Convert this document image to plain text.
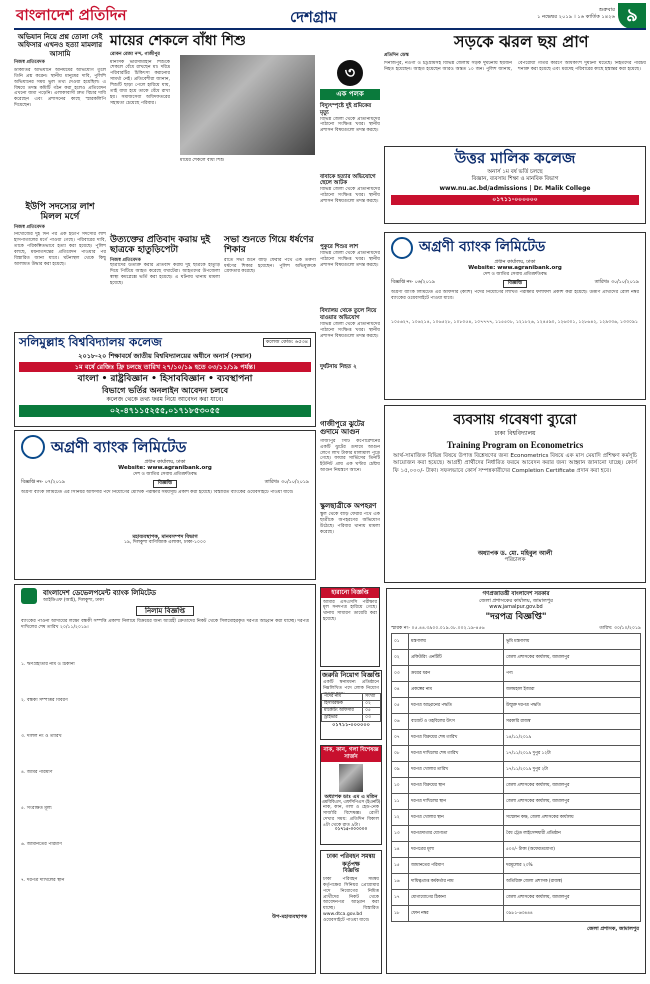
বাংলাদেশ প্রতিদিন	দেশগ্রাম	শুক্রবার
১ নভেম্বর ২০১৯ । ১৬ কার্তিক ১৪২৬ ৯
অভিযান নিয়ে প্রশ্ন তোলা সেই অফিসার এখনও হত্যা মামলার আসামি
নিজস্ব প্রতিবেদক
ডাকাতির অভিযানে অনিয়মের অভিযোগ তুলে তিনি প্রশ্ন করেন। স্থানীয় মানুষের দাবি, পুলিশি অভিযানের সময় ভুল তথ্য দেওয়া হয়েছিল। এ বিষয়ে তদন্ত কমিটি গঠন করা হলেও প্রতিবেদন এখনো জমা পড়েনি। এলাকাবাসী দ্রুত বিচার দাবি করেছেন এবং প্রশাসনের কাছে স্মারকলিপি দিয়েছেন।
ইউপি সদস্যের লাশ মিলল মর্গে
নিজস্ব প্রতিবেদক
নিখোঁজের দুই দিন পর এক ইউপি সদস্যের লাশ হাসপাতালের মর্গে পাওয়া গেছে। পরিবারের দাবি, তাকে পরিকল্পিতভাবে হত্যা করা হয়েছে। পুলিশ বলছে, ময়নাতদন্তের প্রতিবেদন পাওয়ার পর বিস্তারিত জানা যাবে। ঘটনাস্থল থেকে কিছু আলামত উদ্ধার করা হয়েছে।
মায়ের শেকলে বাঁধা শিশু
রোকন রেজা নন্দ, গাজীপুর
মানসিক ভারসাম্যহীন শিশুকে শেকলে বেঁধে রাখছেন মা। দরিদ্র পরিবারটির চিকিৎসা করানোর সামর্থ্য নেই। প্রতিবেশীরা জানান, শিশুটি ছাড়া পেলে হারিয়ে যায়, তাই বাধ্য হয়ে তাকে বেঁধে রাখা হয়। সমাজসেবা অধিদফতরের সহায়তা চেয়েছে পরিবার।
মায়ের শেকলে বাঁধা শিশু
৩
এক পলক
বিদ্যুৎস্পৃষ্টে দুই শ্রমিকের মৃত্যু
বিভিন্ন জেলা থেকে প্রতিনিধিদের পাঠানো সংক্ষিপ্ত খবর। স্থানীয় প্রশাসন বিষয়গুলো তদন্ত করছে।
বাবাকে হত্যার অভিযোগে ছেলে আটক
বিভিন্ন জেলা থেকে প্রতিনিধিদের পাঠানো সংক্ষিপ্ত খবর। স্থানীয় প্রশাসন বিষয়গুলো তদন্ত করছে।
পুকুরে শিশুর লাশ
বিভিন্ন জেলা থেকে প্রতিনিধিদের পাঠানো সংক্ষিপ্ত খবর। স্থানীয় প্রশাসন বিষয়গুলো তদন্ত করছে।
বিদ্যালয় থেকে তুলে নিয়ে যাওয়ার অভিযোগ
বিভিন্ন জেলা থেকে প্রতিনিধিদের পাঠানো সংক্ষিপ্ত খবর। স্থানীয় প্রশাসন বিষয়গুলো তদন্ত করছে।
দুর্ঘটনায় নিহত ২
সড়কে ঝরল ছয় প্রাণ
প্রতিদিন ডেস্ক
দিনাজপুর, নওগাঁ ও চট্টগ্রামসহ বিভিন্ন জেলায় সড়ক দুর্ঘটনায় ছয়জন নিহত হয়েছেন। আহত হয়েছেন আরও অন্তত ১০ জন। পুলিশ জানায়, বেপরোয়া গতির কারণে অধিকাংশ দুর্ঘটনা ঘটেছে। নিহতদের পরিচয় শনাক্ত করা হয়েছে এবং মরদেহ পরিবারের কাছে হস্তান্তর করা হয়েছে।
উত্তর মালিক কলেজ
অনার্স ১ম বর্ষ ভর্তি চলছে
বিজ্ঞান, ব্যবসায় শিক্ষা ও মানবিক বিভাগ
www.nu.ac.bd/admissions | Dr. Malik College
০১৭১১-০০০০০০
অগ্রণী ব্যাংক লিমিটেড
প্রধান কার্যালয়, ঢাকা
Website: www.agranibank.org
দেশ ও জাতির সেবায় প্রতিশ্রুতিবদ্ধ
বিজ্ঞপ্তি নং- ০৬/২০১৯	বিজ্ঞপ্তি	তারিখঃ ৩০/১০/২০১৯
অগ্রণী ব্যাংক লিমিটেড এর অফিসার (ক্যাশ) পদের নিয়োগের লিখিত পরীক্ষার ফলাফল প্রকাশ করা হয়েছে। উত্তীর্ণ প্রার্থীদের রোল নম্বর ব্যাংকের ওয়েবসাইটে পাওয়া যাবে।
১০৫৬২৭, ১০৬২১৪, ১০৬৫২৮, ১০৮০৫৪, ১০৭৭৭৭, ১১৫৫০৮, ১২১৮২৬, ১২৪৫৯০, ১২৬৩০১, ১২৮৬৪২, ১২৯৩৩৬, ১৩৩০৯১
উত্যক্তের প্রতিবাদ করায় দুই ছাত্রকে হাতুড়িপেটা
নিজস্ব প্রতিবেদক
ছাত্রীদের উত্যক্ত করার প্রতিবাদ করায় দুই ছাত্রকে হাতুড়ি দিয়ে পিটিয়ে আহত করেছে বখাটেরা। আহতদের উপজেলা স্বাস্থ্য কমপ্লেক্সে ভর্তি করা হয়েছে। এ ঘটনায় থানায় মামলা হয়েছে।
সভা শুনতে গিয়ে ধর্ষণের শিকার
রাতে সভা শুনে বাড়ি ফেরার পথে এক তরুণী ধর্ষণের শিকার হয়েছেন। পুলিশ অভিযুক্তকে গ্রেফতার করেছে।
সলিমুল্লাহ বিশ্ববিদ্যালয় কলেজ	কলেজ কোড: ৬৫৩৪
২০১৮-২০ শিক্ষাবর্ষে জাতীয় বিশ্ববিদ্যালয়ের অধীনে অনার্স (সম্মান)
১ম বর্ষে রেজিঃ ফ্রি চলছে তারিখ ২৭/১০/১৯ হতে ০৩/১১/১৯ পর্যন্ত।
বাংলা • রাষ্ট্রবিজ্ঞান • হিসাববিজ্ঞান • ব্যবস্থাপনা
বিভাগে ভর্তির অনলাইন আবেদন চলবে
কলেজ থেকে তথ্য ফরম নিয়ে আবেদন করা যাবে।
০২-৪৭১১৫২৫৫,০১৭১৮৫৩০৫৫
অগ্রণী ব্যাংক লিমিটেড
প্রধান কার্যালয়, ঢাকা
Website: www.agranibank.org
দেশ ও জাতির সেবায় প্রতিশ্রুতিবদ্ধ
বিজ্ঞপ্তি নং- ০৭/২০১৯	বিজ্ঞপ্তি	তারিখঃ ৩০/১০/২০১৯
অগ্রণী ব্যাংক লিমিটেড এর সিনিয়র অফিসার পদে নিয়োগের মৌখিক পরীক্ষার সময়সূচি প্রকাশ করা হয়েছে। বিস্তারিত ব্যাংকের ওয়েবসাইটে পাওয়া যাবে।
মহাব্যবস্থাপক, মানবসম্পদ বিভাগ
১৯, দিলকুশা বাণিজ্যিক এলাকা, ঢাকা-১০০০
গাজীপুরে ঝুটের গুদামে আগুন
গাজীপুর সিটি কর্পোরেশনের একটি ঝুটের গুদামে আগুন লেগে লাখ টাকার মালামাল পুড়ে গেছে। ফায়ার সার্ভিসের তিনটি ইউনিট প্রায় এক ঘণ্টার চেষ্টায় আগুন নিয়ন্ত্রণে আনে।
স্কুলছাত্রীকে অপহরণ
স্কুল থেকে বাড়ি ফেরার পথে এক ছাত্রীকে অপহরণের অভিযোগ উঠেছে। পরিবার থানায় মামলা করেছে।
ব্যবসায় গবেষণা ব্যুরো
ঢাকা বিশ্ববিদ্যালয়
Training Program on Econometrics
আর্থ-সামাজিক বিভিন্ন বিষয়ে উপাত্ত বিশ্লেষণের জন্য Econometrics বিষয়ে এক মাস মেয়াদি প্রশিক্ষণ কর্মসূচি আয়োজন করা হয়েছে। আগ্রহী প্রার্থীদের নির্ধারিত ফরমে আবেদন করার জন্য আহ্বান জানানো যাচ্ছে। কোর্স ফি ১৫,০০০/- টাকা। সফলভাবে কোর্স সম্পন্নকারীদের Completion Certificate প্রদান করা হবে।
অধ্যাপক ড. মো. মহিবুল আলী
পরিচালক
বাংলাদেশ ডেভেলপমেন্ট ব্যাংক লিমিটেড
আইডিএফ (আই), দিলকুশা, ঢাকা
নিলাম বিজ্ঞপ্তি
ব্যাংকের পাওনা আদায়ের লক্ষ্যে বন্ধকী সম্পত্তি প্রকাশ্য নিলামে বিক্রয়ের জন্য আগ্রহী ক্রেতাদের নিকট থেকে সিলমোহরকৃত দরপত্র আহ্বান করা যাচ্ছে। দরপত্র দাখিলের শেষ তারিখ ২০/১১/২০১৯।
১. ঋণগ্রহীতার নাম ও ঠিকানা
২. বন্ধকী সম্পত্তির বিবরণ
৩. দলিল নং ও তারিখ
৪. জমির পরিমাণ
৫. সংরক্ষিত মূল্য
৬. জামানতের পরিমাণ
৭. দরপত্র দাখিলের স্থান
উপ-মহাব্যবস্থাপক
হারানো বিজ্ঞপ্তি
আমার এসএসসি পরীক্ষার মূল সনদপত্র হারিয়ে গেছে। থানায় সাধারণ ডায়েরি করা হয়েছে।
জরুরি নিয়োগ বিজ্ঞপ্তি
একটি স্বনামধন্য প্রতিষ্ঠানে নিম্নলিখিত পদে লোক নিয়োগ
পদের নাম	সংখ্যা
হিসাবরক্ষক	০২
মার্কেটিং অফিসার	০৫
ড্রাইভার	০৩
০১৭১১-০০০০০০
নাক, কান, গলা বিশেষজ্ঞ সার্জন
অধ্যাপক ডাঃ এম এ মতিন
এমবিবিএস, এফসিপিএস (ইএনটি)
নাক, কান, গলা ও হেড-নেক সার্জারি বিশেষজ্ঞ। রোগী দেখার সময়: প্রতিদিন বিকাল ৪টা থেকে রাত ৯টা।
০১৭১৫-০০০০০০
ঢাকা পরিবহন সমন্বয় কর্তৃপক্ষ
বিজ্ঞপ্তি
ঢাকা পরিবহন সমন্বয় কর্তৃপক্ষের সিনিয়র প্রোগ্রামার পদে নিয়োগের নিমিত্ত প্রার্থীদের নিকট থেকে আবেদনপত্র আহ্বান করা যাচ্ছে। বিস্তারিত www.dtca.gov.bd ওয়েবসাইটে পাওয়া যাবে।
গণপ্রজাতন্ত্রী বাংলাদেশ সরকার
জেলা প্রশাসকের কার্যালয়, জামালপুর
www.jamalpur.gov.bd
"দরপত্র বিজ্ঞপ্তি"
স্মারক নং- ০৫.৪৪.৩৯০০.০১৯.০৮.০০২.১৯-৪৫৬	তারিখ: ৩০/১০/২০১৯
০১	মন্ত্রণালয়	ভূমি মন্ত্রণালয়
০২	প্রকিউরিং এনটিটি	জেলা প্রশাসকের কার্যালয়, জামালপুর
০৩	ক্রয়ের ধরন	পণ্য
০৪	প্রকল্পের নাম	জলমহাল ইজারা
০৫	দরপত্র আহ্বানের পদ্ধতি	উন্মুক্ত দরপত্র পদ্ধতি
০৬	বাজেট ও তহবিলের উৎস	সরকারি রাজস্ব
০৭	দরপত্র বিক্রয়ের শেষ তারিখ	১৪/১১/২০১৯
০৮	দরপত্র দাখিলের শেষ তারিখ	১৭/১১/২০১৯ দুপুর ১২টা
০৯	দরপত্র খোলার তারিখ	১৭/১১/২০১৯ দুপুর ২টা
১০	দরপত্র বিক্রয়ের স্থান	জেলা প্রশাসকের কার্যালয়, জামালপুর
১১	দরপত্র দাখিলের স্থান	জেলা প্রশাসকের কার্যালয়, জামালপুর
১২	দরপত্র খোলার স্থান	সম্মেলন কক্ষ, জেলা প্রশাসকের কার্যালয়
১৩	দরপত্রদাতার যোগ্যতা	বৈধ ট্রেড লাইসেন্সধারী প্রতিষ্ঠান
১৪	দরপত্রের মূল্য	৫০০/- টাকা (অফেরতযোগ্য)
১৫	জামানতের পরিমাণ	দরমূল্যের ২০%
১৬	দায়িত্বপ্রাপ্ত কর্মকর্তার নাম	অতিরিক্ত জেলা প্রশাসক (রাজস্ব)
১৭	যোগাযোগের ঠিকানা	জেলা প্রশাসকের কার্যালয়, জামালপুর
১৮	ফোন নম্বর	০৯৮১-৬৩৪৪৪
জেলা প্রশাসক, জামালপুর
